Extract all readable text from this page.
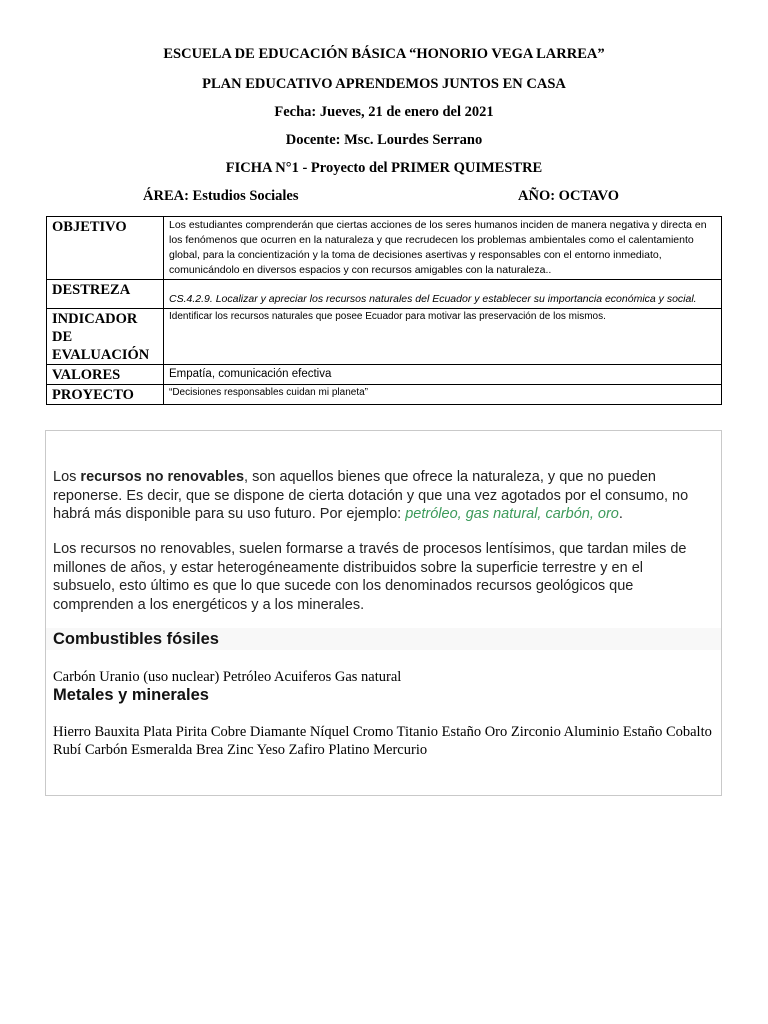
ESCUELA DE EDUCACIÓN BÁSICA “HONORIO VEGA LARREA”
PLAN EDUCATIVO APRENDEMOS JUNTOS EN CASA
Fecha: Jueves, 21 de enero del 2021
Docente: Msc. Lourdes Serrano
FICHA N°1 - Proyecto del PRIMER QUIMESTRE
ÁREA: Estudios Sociales	AÑO: OCTAVO
OBJETIVO	Los estudiantes comprenderán que ciertas acciones de los seres humanos inciden de manera negativa y directa en los fenómenos que ocurren en la naturaleza y que recrudecen los problemas ambientales como el calentamiento global, para la concientización y la toma de decisiones asertivas y responsables con el entorno inmediato, comunicándolo en diversos espacios y con recursos amigables con la naturaleza..
DESTREZA	CS.4.2.9. Localizar y apreciar los recursos naturales del Ecuador y establecer su importancia económica y social.

INDICADOR
DE
EVALUACIÓN	Identificar los recursos naturales que posee Ecuador para motivar las preservación de los mismos.
VALORES	Empatía, comunicación efectiva
PROYECTO	“Decisiones responsables cuidan mi planeta”

Los recursos no renovables, son aquellos bienes que ofrece la naturaleza, y que no pueden reponerse. Es decir, que se dispone de cierta dotación y que una vez agotados por el consumo, no habrá más disponible para su uso futuro. Por ejemplo: petróleo, gas natural, carbón, oro.

Los recursos no renovables, suelen formarse a través de procesos lentísimos, que tardan miles de millones de años, y estar heterogéneamente distribuidos sobre la superficie terrestre y en el subsuelo, esto último es que lo que sucede con los denominados recursos geológicos que comprenden a los energéticos y a los minerales.

Combustibles fósiles
Carbón Uranio (uso nuclear) Petróleo Acuiferos Gas natural
Metales y minerales
Hierro Bauxita Plata Pirita Cobre Diamante Níquel Cromo Titanio Estaño Oro Zirconio Aluminio Estaño Cobalto Rubí Carbón Esmeralda Brea Zinc Yeso Zafiro Platino Mercurio
